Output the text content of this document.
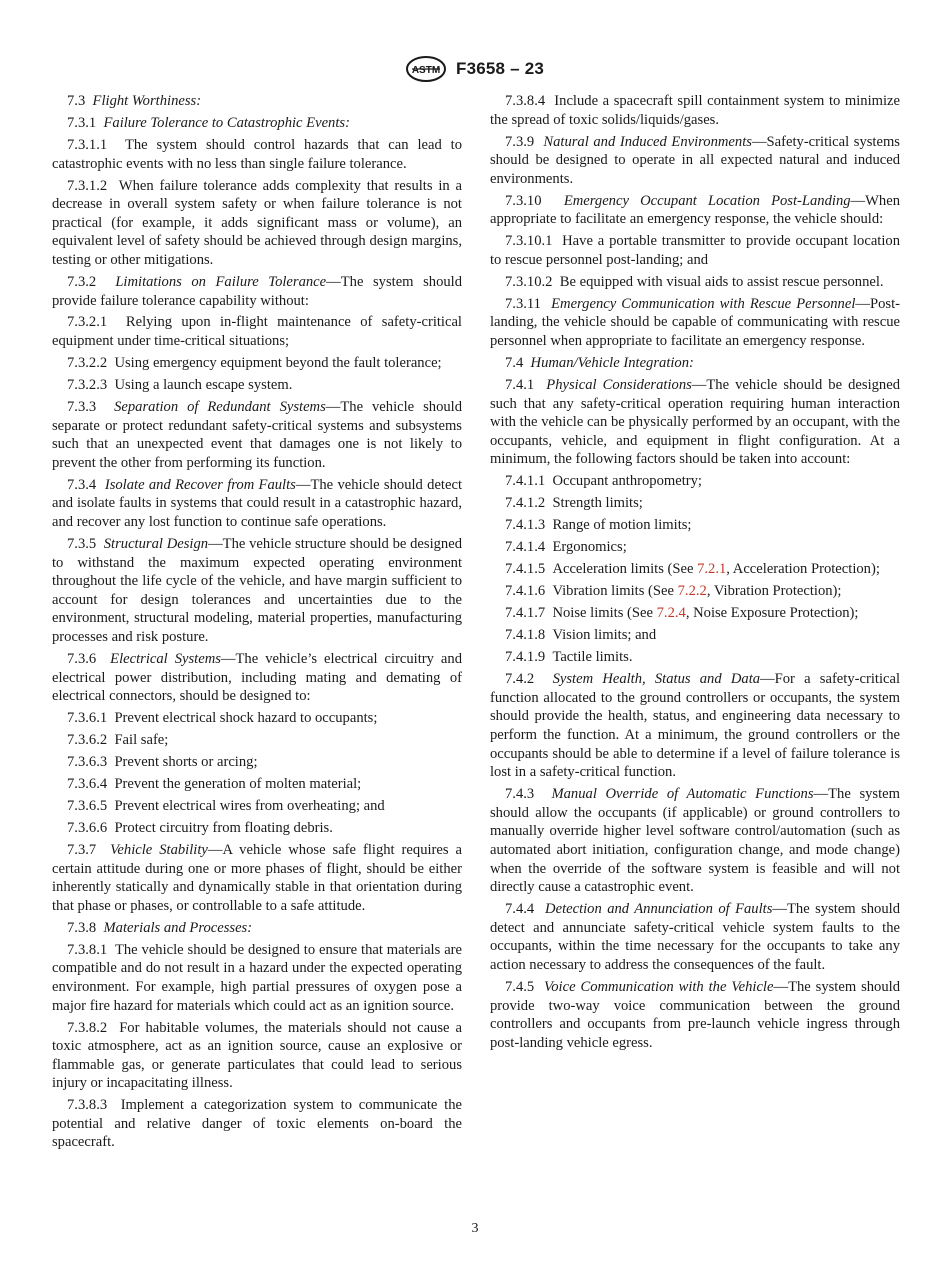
ASTM F3658 – 23

7.3 Flight Worthiness:

7.3.1 Failure Tolerance to Catastrophic Events:

7.3.1.1 The system should control hazards that can lead to catastrophic events with no less than single failure tolerance.

7.3.1.2 When failure tolerance adds complexity that results in a decrease in overall system safety or when failure tolerance is not practical (for example, it adds significant mass or volume), an equivalent level of safety should be achieved through design margins, testing or other mitigations.

7.3.2 Limitations on Failure Tolerance—The system should provide failure tolerance capability without:

7.3.2.1 Relying upon in-flight maintenance of safety-critical equipment under time-critical situations;

7.3.2.2 Using emergency equipment beyond the fault tolerance;

7.3.2.3 Using a launch escape system.

7.3.3 Separation of Redundant Systems—The vehicle should separate or protect redundant safety-critical systems and subsystems such that an unexpected event that damages one is not likely to prevent the other from performing its function.

7.3.4 Isolate and Recover from Faults—The vehicle should detect and isolate faults in systems that could result in a catastrophic hazard, and recover any lost function to continue safe operations.

7.3.5 Structural Design—The vehicle structure should be designed to withstand the maximum expected operating environment throughout the life cycle of the vehicle, and have margin sufficient to account for design tolerances and uncertainties due to the environment, structural modeling, material properties, manufacturing processes and risk posture.

7.3.6 Electrical Systems—The vehicle’s electrical circuitry and electrical power distribution, including mating and demating of electrical connectors, should be designed to:

7.3.6.1 Prevent electrical shock hazard to occupants;

7.3.6.2 Fail safe;

7.3.6.3 Prevent shorts or arcing;

7.3.6.4 Prevent the generation of molten material;

7.3.6.5 Prevent electrical wires from overheating; and

7.3.6.6 Protect circuitry from floating debris.

7.3.7 Vehicle Stability—A vehicle whose safe flight requires a certain attitude during one or more phases of flight, should be either inherently statically and dynamically stable in that orientation during that phase or phases, or controllable to a safe attitude.

7.3.8 Materials and Processes:

7.3.8.1 The vehicle should be designed to ensure that materials are compatible and do not result in a hazard under the expected operating environment. For example, high partial pressures of oxygen pose a major fire hazard for materials which could act as an ignition source.

7.3.8.2 For habitable volumes, the materials should not cause a toxic atmosphere, act as an ignition source, cause an explosive or flammable gas, or generate particulates that could lead to serious injury or incapacitating illness.

7.3.8.3 Implement a categorization system to communicate the potential and relative danger of toxic elements on-board the spacecraft.

7.3.8.4 Include a spacecraft spill containment system to minimize the spread of toxic solids/liquids/gases.

7.3.9 Natural and Induced Environments—Safety-critical systems should be designed to operate in all expected natural and induced environments.

7.3.10 Emergency Occupant Location Post-Landing—When appropriate to facilitate an emergency response, the vehicle should:

7.3.10.1 Have a portable transmitter to provide occupant location to rescue personnel post-landing; and

7.3.10.2 Be equipped with visual aids to assist rescue personnel.

7.3.11 Emergency Communication with Rescue Personnel—Post-landing, the vehicle should be capable of communicating with rescue personnel when appropriate to facilitate an emergency response.

7.4 Human/Vehicle Integration:

7.4.1 Physical Considerations—The vehicle should be designed such that any safety-critical operation requiring human interaction with the vehicle can be physically performed by an occupant, with the occupants, vehicle, and equipment in flight configuration. At a minimum, the following factors should be taken into account:

7.4.1.1 Occupant anthropometry;

7.4.1.2 Strength limits;

7.4.1.3 Range of motion limits;

7.4.1.4 Ergonomics;

7.4.1.5 Acceleration limits (See 7.2.1, Acceleration Protection);

7.4.1.6 Vibration limits (See 7.2.2, Vibration Protection);

7.4.1.7 Noise limits (See 7.2.4, Noise Exposure Protection);

7.4.1.8 Vision limits; and

7.4.1.9 Tactile limits.

7.4.2 System Health, Status and Data—For a safety-critical function allocated to the ground controllers or occupants, the system should provide the health, status, and engineering data necessary to perform the function. At a minimum, the ground controllers or the occupants should be able to determine if a level of failure tolerance is lost in a safety-critical function.

7.4.3 Manual Override of Automatic Functions—The system should allow the occupants (if applicable) or ground controllers to manually override higher level software control/automation (such as automated abort initiation, configuration change, and mode change) when the override of the software system is feasible and will not directly cause a catastrophic event.

7.4.4 Detection and Annunciation of Faults—The system should detect and annunciate safety-critical vehicle system faults to the occupants, within the time necessary for the occupants to take any action necessary to address the consequences of the fault.

7.4.5 Voice Communication with the Vehicle—The system should provide two-way voice communication between the ground controllers and occupants from pre-launch vehicle ingress through post-landing vehicle egress.

3
